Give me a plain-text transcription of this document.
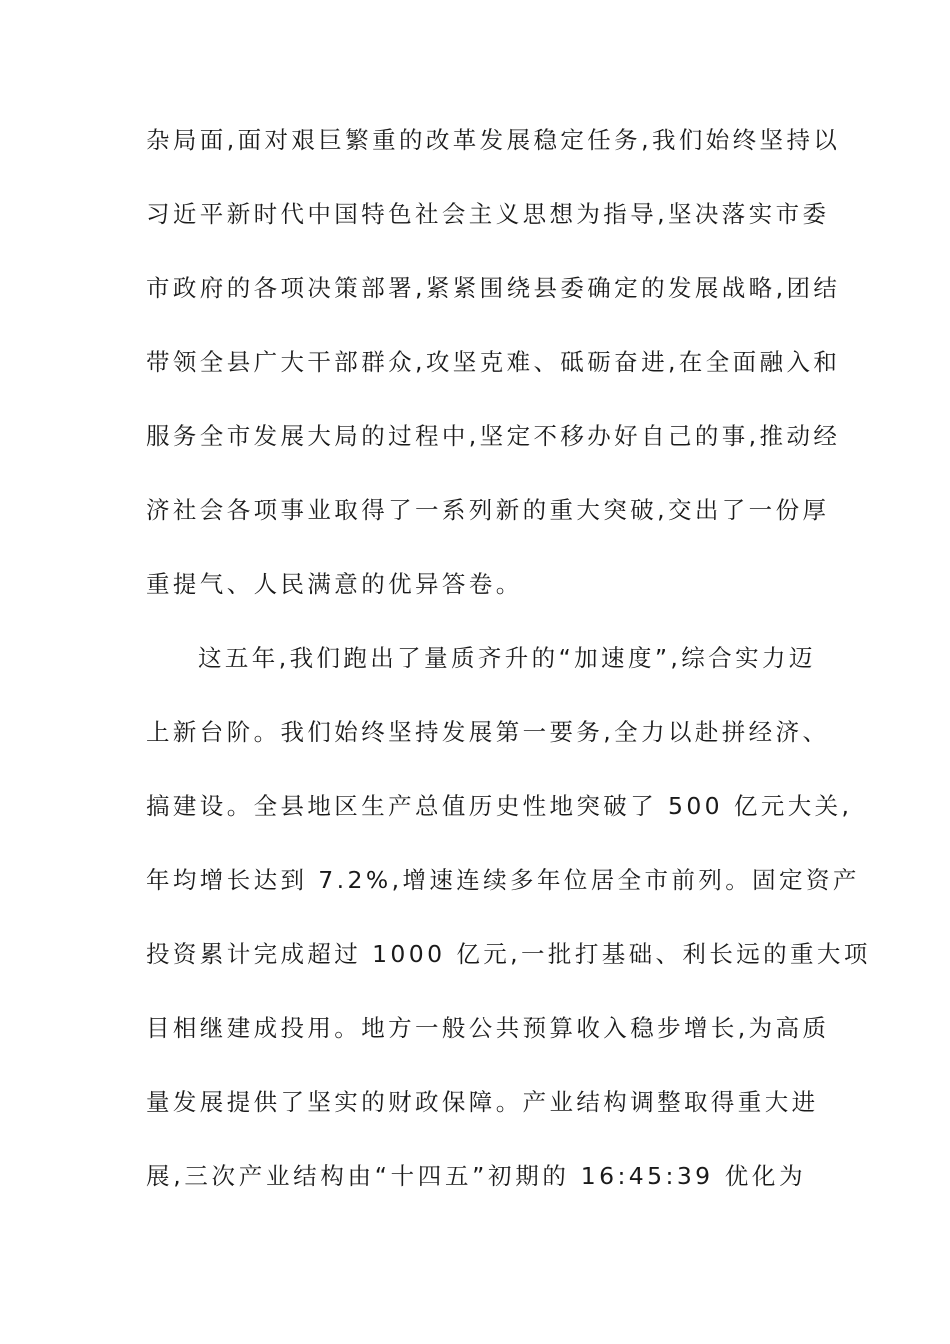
杂局面,面对艰巨繁重的改革发展稳定任务,我们始终坚持以
习近平新时代中国特色社会主义思想为指导,坚决落实市委
市政府的各项决策部署,紧紧围绕县委确定的发展战略,团结
带领全县广大干部群众,攻坚克难、砥砺奋进,在全面融入和
服务全市发展大局的过程中,坚定不移办好自己的事,推动经
济社会各项事业取得了一系列新的重大突破,交出了一份厚
重提气、人民满意的优异答卷。
这五年,我们跑出了量质齐升的“加速度”,综合实力迈
上新台阶。我们始终坚持发展第一要务,全力以赴拼经济、
搞建设。全县地区生产总值历史性地突破了 500 亿元大关,
年均增长达到 7.2%,增速连续多年位居全市前列。固定资产
投资累计完成超过 1000 亿元,一批打基础、利长远的重大项
目相继建成投用。地方一般公共预算收入稳步增长,为高质
量发展提供了坚实的财政保障。产业结构调整取得重大进
展,三次产业结构由“十四五”初期的 16:45:39 优化为
